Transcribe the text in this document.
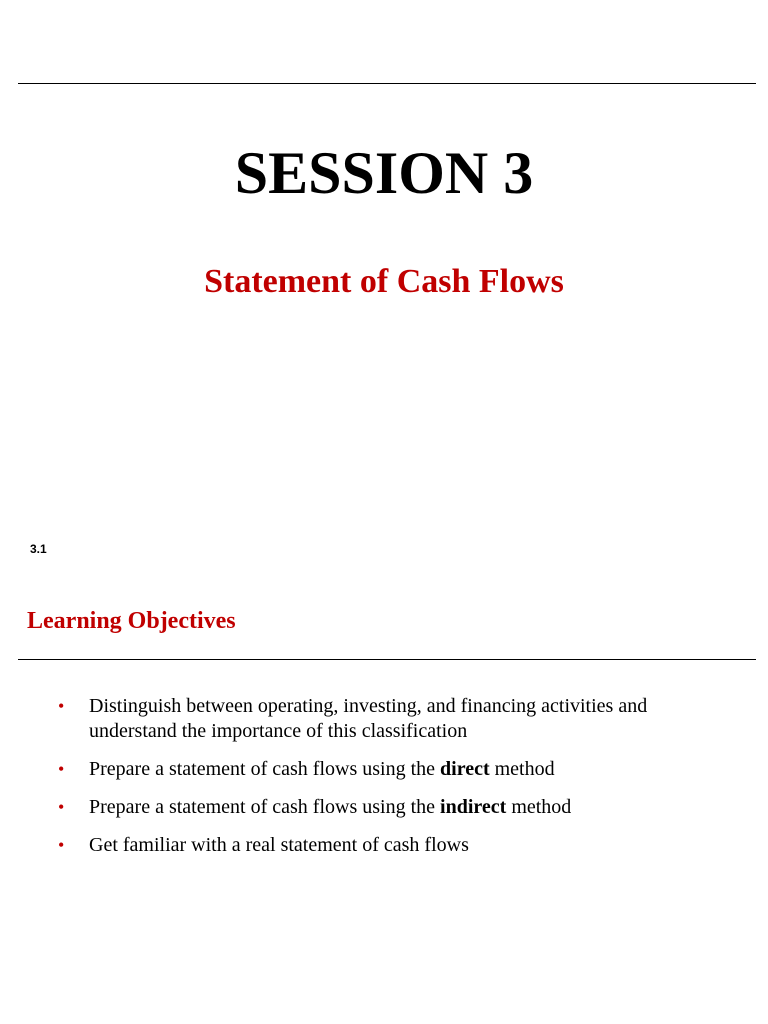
SESSION 3
Statement of Cash Flows
3.1
Learning Objectives
• Distinguish between operating, investing, and financing activities and understand the importance of this classification
• Prepare a statement of cash flows using the direct method
• Prepare a statement of cash flows using the indirect method
• Get familiar with a real statement of cash flows
